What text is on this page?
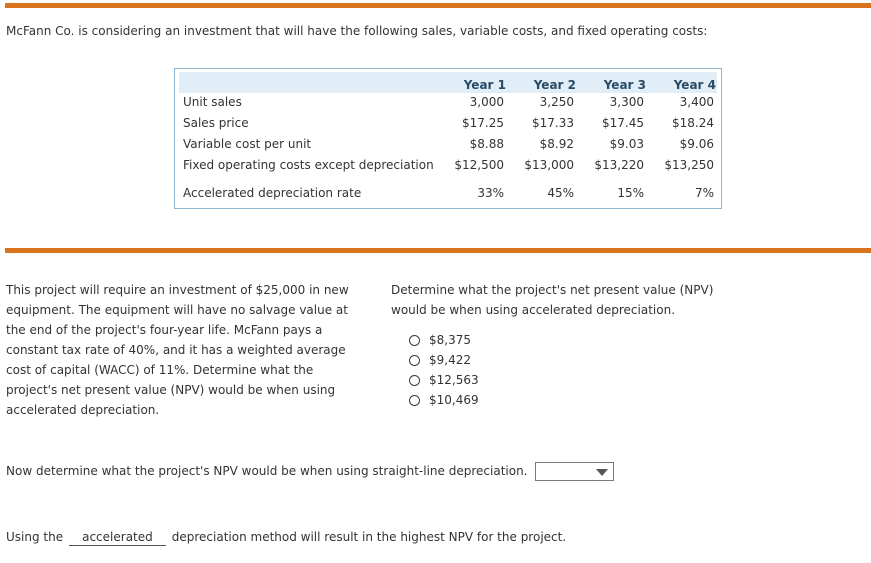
McFann Co. is considering an investment that will have the following sales, variable costs, and fixed operating costs:
Year 1 Year 2 Year 3 Year 4
Unit sales	3,000	3,250	3,300	3,400
Sales price	$17.25 $17.33 $17.45 $18.24
Variable cost per unit	$8.88	$8.92	$9.03	$9.06
Fixed operating costs except depreciation $12,500 $13,000 $13,220 $13,250
Accelerated depreciation rate	33%	45%	15%	7%
This project will require an investment of $25,000 in new equipment. The equipment will have no salvage value at the end of the project's four-year life. McFann pays a constant tax rate of 40%, and it has a weighted average cost of capital (WACC) of 11%. Determine what the project's net present value (NPV) would be when using accelerated depreciation.
Determine what the project's net present value (NPV) would be when using accelerated depreciation.
$8,375
$9,422
$12,563
$10,469
Now determine what the project's NPV would be when using straight-line depreciation.
Using the accelerated depreciation method will result in the highest NPV for the project.
